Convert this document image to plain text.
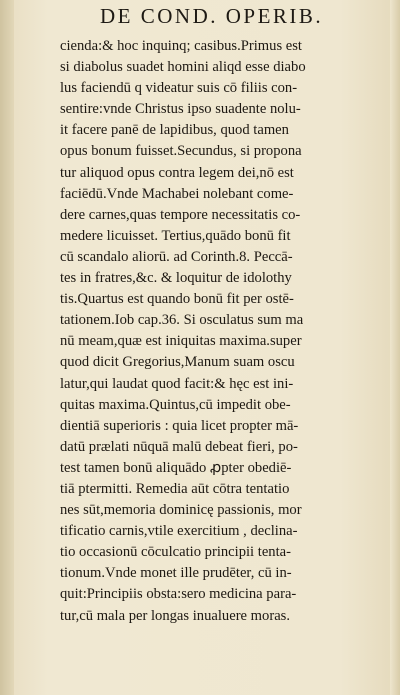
DE COND. OPERIB.
cienda:& hoc inquinq; casibus.Primus est
si diabolus suadet homini aliqd esse diabo
lus faciendū q videatur suis cō filiis con-
sentire:vnde Christus ipso suadente nolu-
it facere panē de lapidibus, quod tamen
opus bonum fuisset.Secundus, si propona
tur aliquod opus contra legem dei,nō est
faciēdū.Vnde Machabei nolebant come-
dere carnes,quas tempore necessitatis co-
medere licuisset. Tertius,quādo bonū fit
cū scandalo aliorū. ad Corinth.8. Peccā-
tes in fratres,&c. & loquitur de idolothy
tis.Quartus est quando bonū fit per ostē-
tationem.Iob cap.36. Si osculatus sum ma
nū meam,quæ est iniquitas maxima.super
quod dicit Gregorius,Manum suam oscu
latur,qui laudat quod facit:& hęc est ini-
quitas maxima.Quintus,cū impedit obe-
dientiā superioris : quia licet propter mā-
datū prælati nūquā malū debeat fieri, po-
test tamen bonū aliquādo ꝓpter obediē-
tiā ptermitti. Remedia aūt cōtra tentatio
nes sūt,memoria dominicę passionis, mor
tificatio carnis,vtile exercitium , declina-
tio occasionū cōculcatio principii tenta-
tionum.Vnde monet ille prudēter, cū in-
quit:Principiis obsta:sero medicina para-
tur,cū mala per longas inualuere moras.
